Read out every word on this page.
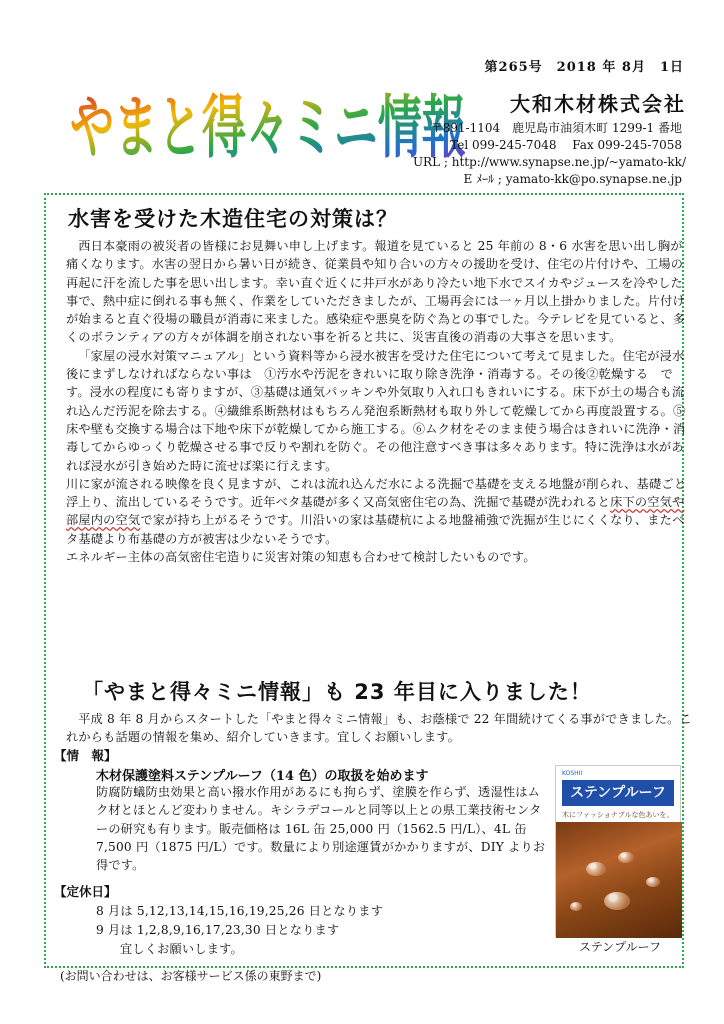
やまと得々ミニ情報
第265号　2018 年 8月　1日
大和木材株式会社
〒891-1104　鹿児島市油須木町 1299-1 番地
Tel 099-245-7048　 Fax 099-245-7058
URL ; http://www.synapse.ne.jp/~yamato-kk/
E ﾒｰﾙ ; yamato-kk@po.synapse.ne.jp
水害を受けた木造住宅の対策は？

西日本豪雨の被災者の皆様にお見舞い申し上げます。報道を見ていると 25 年前の 8・6 水害を思い出し胸が痛くなります。水害の翌日から暑い日が続き、従業員や知り合いの方々の援助を受け、住宅の片付けや、工場の再起に汗を流した事を思い出します。幸い直ぐ近くに井戸水があり冷たい地下水でスイカやジュースを冷やした事で、熱中症に倒れる事も無く、作業をしていただきましたが、工場再会には一ヶ月以上掛かりました。片付けが始まると直ぐ役場の職員が消毒に来ました。感染症や悪臭を防ぐ為との事でした。今テレビを見ていると、多くのボランティアの方々が体調を崩されない事を祈ると共に、災害直後の消毒の大事さを思います。

「家屋の浸水対策マニュアル」という資料等から浸水被害を受けた住宅について考えて見ました。住宅が浸水後にまずしなければならない事は　①汚水や汚泥をきれいに取り除き洗浄・消毒する。その後②乾燥する　です。浸水の程度にも寄りますが、③基礎は通気パッキンや外気取り入れ口もきれいにする。床下が土の場合も流れ込んだ汚泥を除去する。④繊維系断熱材はもちろん発泡系断熱材も取り外して乾燥してから再度設置する。⑤床や壁も交換する場合は下地や床下が乾燥してから施工する。⑥ムク材をそのまま使う場合はきれいに洗浄・消毒してからゆっくり乾燥させる事で反りや割れを防ぐ。その他注意すべき事は多々あります。特に洗浄は水があれば浸水が引き始めた時に流せば楽に行えます。

川に家が流される映像を良く見ますが、これは流れ込んだ水による洗掘で基礎を支える地盤が削られ、基礎ごと浮上り、流出しているそうです。近年ベタ基礎が多く又高気密住宅の為、洗掘で基礎が洗われると床下の空気や部屋内の空気で家が持ち上がるそうです。川沿いの家は基礎杭による地盤補強で洗掘が生じにくくなり、またベタ基礎より布基礎の方が被害は少ないそうです。

エネルギー主体の高気密住宅造りに災害対策の知恵も合わせて検討したいものです。

「やまと得々ミニ情報」も 23 年目に入りました！
平成 8 年 8 月からスタートした「やまと得々ミニ情報」も、お蔭様で 22 年間続けてくる事ができました。これからも話題の情報を集め、紹介していきます。宜しくお願いします。
【情　報】
木材保護塗料ステンプルーフ（14 色）の取扱を始めます
防腐防蟻防虫効果と高い撥水作用があるにも拘らず、塗膜を作らず、透湿性はムク材とほとんど変わりません。キシラデコールと同等以上との県工業技術センターの研究も有ります。販売価格は 16L 缶 25,000 円（1562.5 円/L）、4L 缶 7,500 円（1875 円/L）です。数量により別途運賃がかかりますが、DIY よりお得です。
KOSHII
ステンプルーフ
木にファッショナブルな色あいを。
ステンプルーフ
【定休日】
8 月は 5,12,13,14,15,16,19,25,26 日となります
9 月は 1,2,8,9,16,17,23,30 日となります
宜しくお願いします。
(お問い合わせは、お客様サービス係の東野まで)
